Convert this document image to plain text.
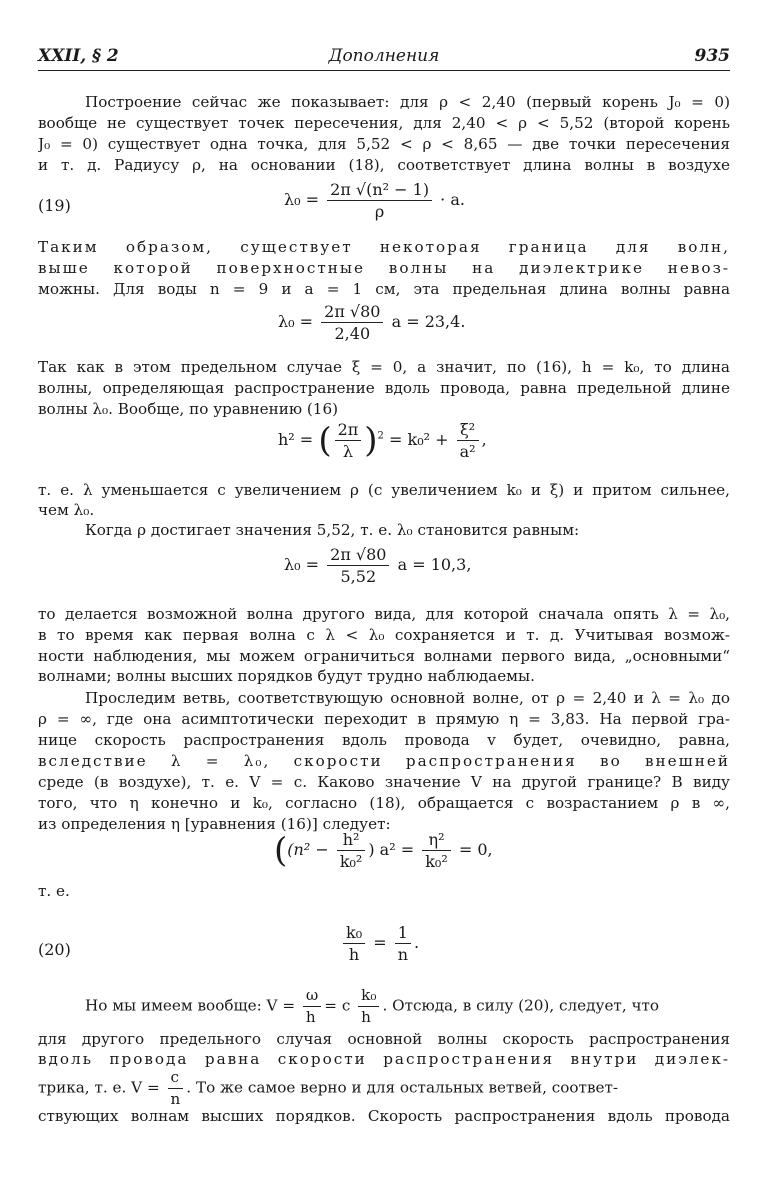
XXII, § 2	Дополнения	935
Построение сейчас же показывает: для ρ < 2,40 (первый корень J₀ = 0)
вообще не существует точек пересечения, для 2,40 < ρ < 5,52 (второй корень
J₀ = 0) существует одна точка, для 5,52 < ρ < 8,65 — две точки пересечения
и т. д. Радиусу ρ, на основании (18), соответствует длина волны в воздухе
(19)	$\lambda_0 = \frac{\text{2π √(n² − 1)}}{\rho} \cdot a$.
Таким образом, существует некоторая граница для волн,
выше которой поверхностные волны на диэлектрике невоз-
можны. Для воды n = 9 и a = 1 см, эта предельная длина волны равна
$\lambda_0 = \frac{2\pi √80}{2,40}$ a = 23,4.
Так как в этом предельном случае ξ = 0, а значит, по (16), h = k₀, то длина
волны, определяющая распространение вдоль провода, равна предельной длине
волны λ₀. Вообще, по уравнению (16)
h² = ( $\frac{2\pi}{\lambda} )^2 = k_0^2 + \frac{\text{ξ²}}{\text{a²}}$ ,
т. е. λ уменьшается с увеличением ρ (с увеличением k₀ и ξ) и притом сильнее,
чем λ₀.
Когда ρ достигает значения 5,52, т. е. λ₀ становится равным:
$\lambda_0 = \frac{2\pi √80}{5,52}$ a = 10,3,
то делается возможной волна другого вида, для которой сначала опять λ = λ₀,
в то время как первая волна с λ < λ₀ сохраняется и т. д. Учитывая возмож-
ности наблюдения, мы можем ограничиться волнами первого вида, „основными“
волнами; волны высших порядков будут трудно наблюдаемы.
Проследим ветвь, соответствующую основной волне, от ρ = 2,40 и λ = λ₀ до
ρ = ∞, где она асимптотически переходит в прямую η = 3,83. На первой гра-
нице скорость распространения вдоль провода v будет, очевидно, равна,
вследствие λ = λ₀, скорости распространения во внешней
среде (в воздухе), т. е. V = c. Каково значение V на другой границе? В виду
того, что η конечно и k₀, согласно (18), обращается с возрастанием ρ в ∞,
из определения η [уравнения (16)] следует:
(($n^2 - \frac{\text{h²}}{\text{k₀²}}$ ) $a^2 = \frac{\text{η²}}{\text{k₀²}} = 0$,
т. е.
(20)	$\frac{\text{k₀}}{h} = \frac{1}{n}$ .
Но мы имеем вообще: $V = \frac{\omega}{h} = c \frac{\text{k₀}}{h}$ . Отсюда, в силу (20), следует, что
для другого предельного случая основной волны скорость распространения
вдоль провода равна скорости распространения внутри диэлек-
трика, т. е. $V = \frac{c}{n}$ . То же самое верно и для остальных ветвей, соответ-
ствующих волнам высших порядков. Скорость распространения вдоль провода
